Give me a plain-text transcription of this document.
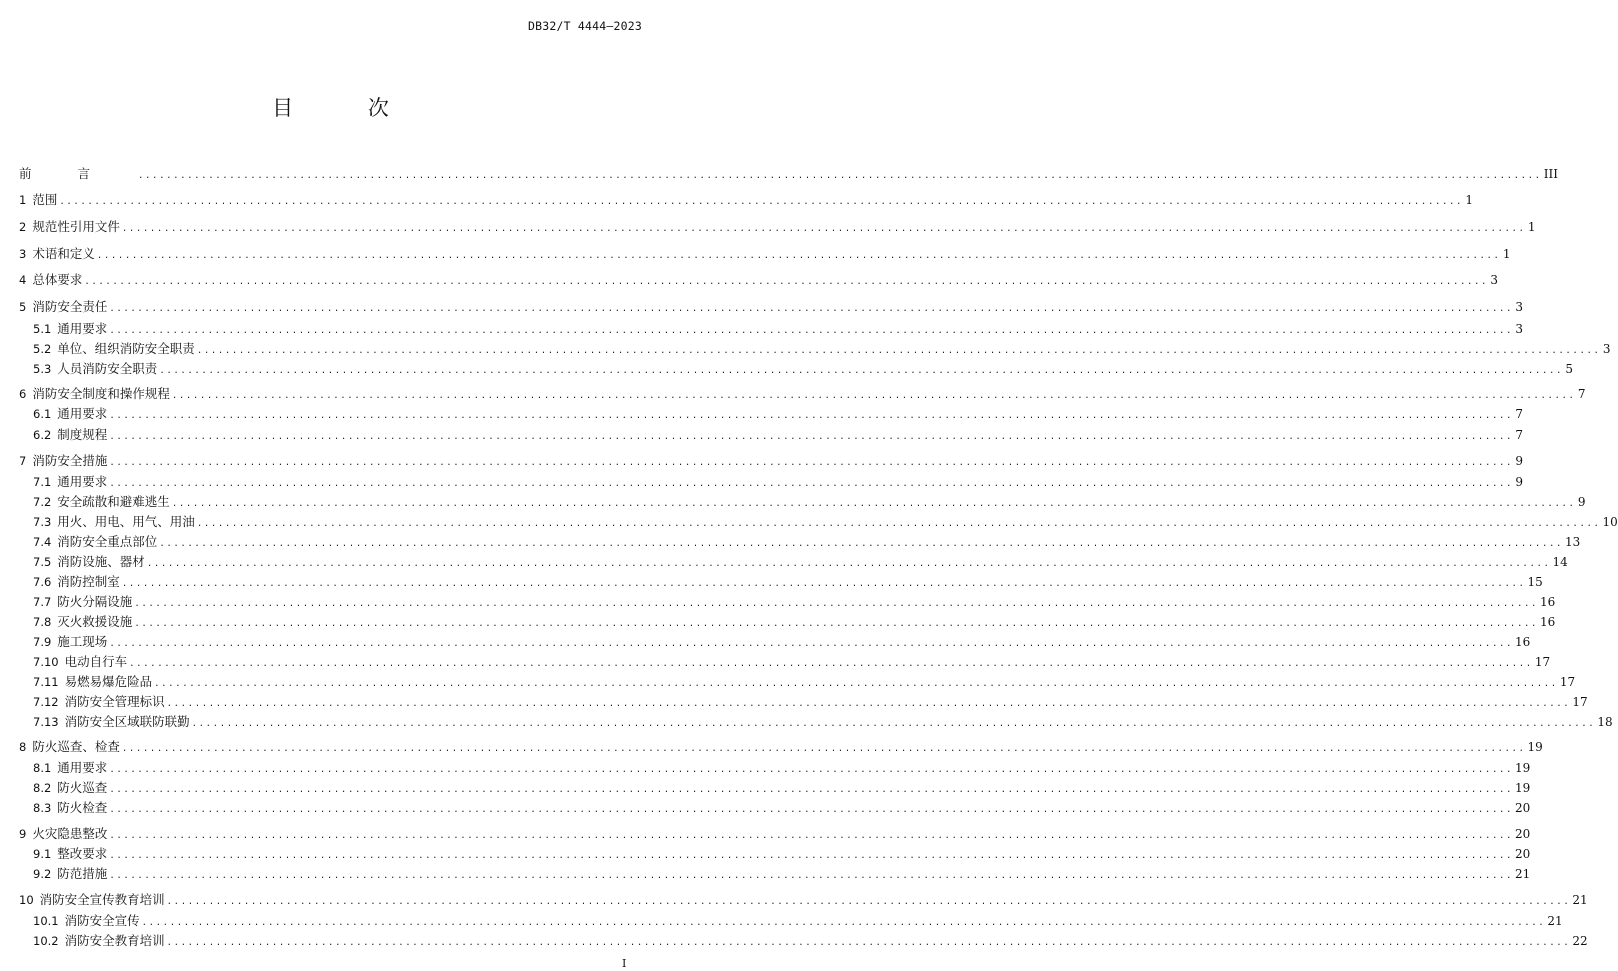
DB32/T 4444—2023
目 次
前言 ........................................................................................................................................................................................................ III
1 范围 ........................................................................................................................................................................................................ 1
2 规范性引用文件 ........................................................................................................................................................................................................ 1
3 术语和定义 ........................................................................................................................................................................................................ 1
4 总体要求 ........................................................................................................................................................................................................ 3
5 消防安全责任 ........................................................................................................................................................................................................ 3
5.1 通用要求 ........................................................................................................................................................................................................ 3
5.2 单位、组织消防安全职责 ........................................................................................................................................................................................................ 3
5.3 人员消防安全职责 ........................................................................................................................................................................................................ 5
6 消防安全制度和操作规程 ........................................................................................................................................................................................................ 7
6.1 通用要求 ........................................................................................................................................................................................................ 7
6.2 制度规程 ........................................................................................................................................................................................................ 7
7 消防安全措施 ........................................................................................................................................................................................................ 9
7.1 通用要求 ........................................................................................................................................................................................................ 9
7.2 安全疏散和避难逃生 ........................................................................................................................................................................................................ 9
7.3 用火、用电、用气、用油 ........................................................................................................................................................................................................ 10
7.4 消防安全重点部位 ........................................................................................................................................................................................................ 13
7.5 消防设施、器材 ........................................................................................................................................................................................................ 14
7.6 消防控制室 ........................................................................................................................................................................................................ 15
7.7 防火分隔设施 ........................................................................................................................................................................................................ 16
7.8 灭火救援设施 ........................................................................................................................................................................................................ 16
7.9 施工现场 ........................................................................................................................................................................................................ 16
7.10 电动自行车 ........................................................................................................................................................................................................ 17
7.11 易燃易爆危险品 ........................................................................................................................................................................................................ 17
7.12 消防安全管理标识 ........................................................................................................................................................................................................ 17
7.13 消防安全区域联防联勤 ........................................................................................................................................................................................................ 18
8 防火巡查、检查 ........................................................................................................................................................................................................ 19
8.1 通用要求 ........................................................................................................................................................................................................ 19
8.2 防火巡查 ........................................................................................................................................................................................................ 19
8.3 防火检查 ........................................................................................................................................................................................................ 20
9 火灾隐患整改 ........................................................................................................................................................................................................ 20
9.1 整改要求 ........................................................................................................................................................................................................ 20
9.2 防范措施 ........................................................................................................................................................................................................ 21
10 消防安全宣传教育培训 ........................................................................................................................................................................................................ 21
10.1 消防安全宣传 ........................................................................................................................................................................................................ 21
10.2 消防安全教育培训 ........................................................................................................................................................................................................ 22
I
